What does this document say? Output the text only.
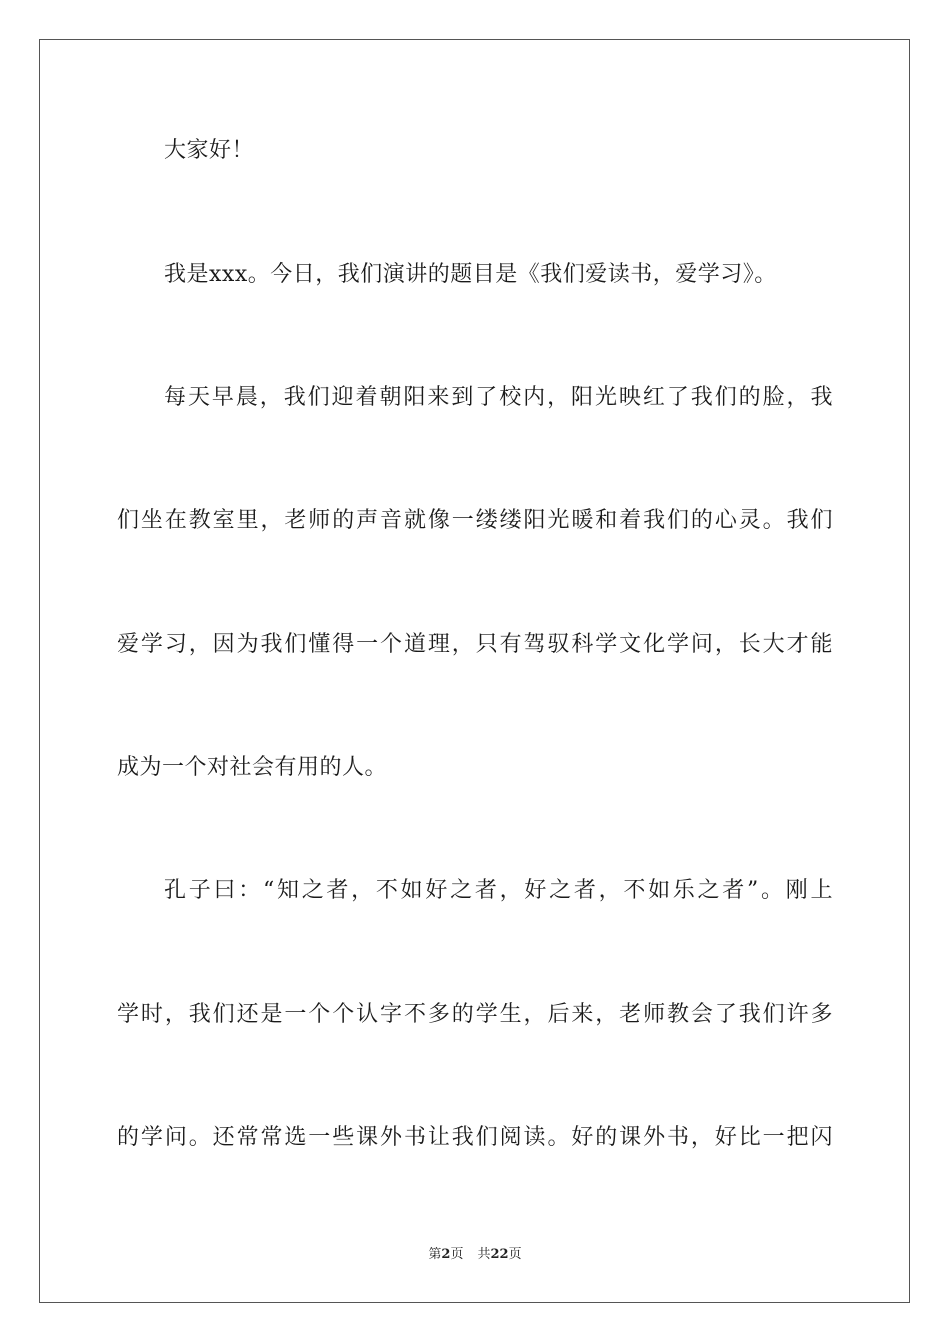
大家好！
我是xxx。今日，我们演讲的题目是《我们爱读书，爱学习》。
每天早晨，我们迎着朝阳来到了校内，阳光映红了我们的脸，我
们坐在教室里，老师的声音就像一缕缕阳光暖和着我们的心灵。我们
爱学习，因为我们懂得一个道理，只有驾驭科学文化学问，长大才能
成为一个对社会有用的人。
孔子曰：“知之者，不如好之者，好之者，不如乐之者”。刚上
学时，我们还是一个个认字不多的学生，后来，老师教会了我们许多
的学问。还常常选一些课外书让我们阅读。好的课外书，好比一把闪
第2页 共22页
